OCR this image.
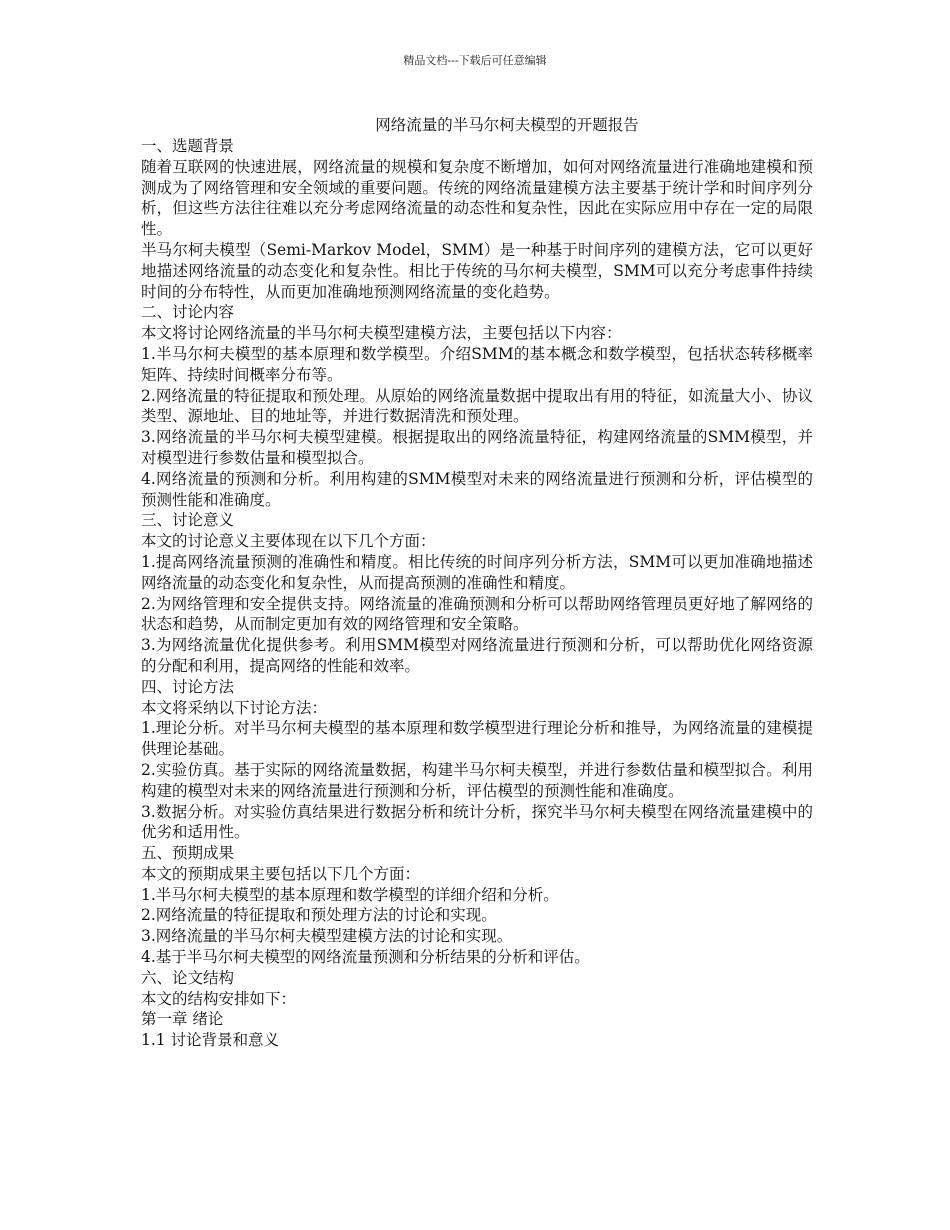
精品文档---下载后可任意编辑
网络流量的半马尔柯夫模型的开题报告

一、选题背景

随着互联网的快速进展，网络流量的规模和复杂度不断增加，如何对网络流量进行准确地建模和预测成为了网络管理和安全领域的重要问题。传统的网络流量建模方法主要基于统计学和时间序列分析，但这些方法往往难以充分考虑网络流量的动态性和复杂性，因此在实际应用中存在一定的局限性。

半马尔柯夫模型（Semi-Markov Model，SMM）是一种基于时间序列的建模方法，它可以更好地描述网络流量的动态变化和复杂性。相比于传统的马尔柯夫模型，SMM可以充分考虑事件持续时间的分布特性，从而更加准确地预测网络流量的变化趋势。

二、讨论内容

本文将讨论网络流量的半马尔柯夫模型建模方法，主要包括以下内容：

1.半马尔柯夫模型的基本原理和数学模型。介绍SMM的基本概念和数学模型，包括状态转移概率矩阵、持续时间概率分布等。

2.网络流量的特征提取和预处理。从原始的网络流量数据中提取出有用的特征，如流量大小、协议类型、源地址、目的地址等，并进行数据清洗和预处理。

3.网络流量的半马尔柯夫模型建模。根据提取出的网络流量特征，构建网络流量的SMM模型，并对模型进行参数估量和模型拟合。

4.网络流量的预测和分析。利用构建的SMM模型对未来的网络流量进行预测和分析，评估模型的预测性能和准确度。

三、讨论意义

本文的讨论意义主要体现在以下几个方面：

1.提高网络流量预测的准确性和精度。相比传统的时间序列分析方法，SMM可以更加准确地描述网络流量的动态变化和复杂性，从而提高预测的准确性和精度。

2.为网络管理和安全提供支持。网络流量的准确预测和分析可以帮助网络管理员更好地了解网络的状态和趋势，从而制定更加有效的网络管理和安全策略。

3.为网络流量优化提供参考。利用SMM模型对网络流量进行预测和分析，可以帮助优化网络资源的分配和利用，提高网络的性能和效率。

四、讨论方法

本文将采纳以下讨论方法：

1.理论分析。对半马尔柯夫模型的基本原理和数学模型进行理论分析和推导，为网络流量的建模提供理论基础。

2.实验仿真。基于实际的网络流量数据，构建半马尔柯夫模型，并进行参数估量和模型拟合。利用构建的模型对未来的网络流量进行预测和分析，评估模型的预测性能和准确度。

3.数据分析。对实验仿真结果进行数据分析和统计分析，探究半马尔柯夫模型在网络流量建模中的优劣和适用性。

五、预期成果

本文的预期成果主要包括以下几个方面：

1.半马尔柯夫模型的基本原理和数学模型的详细介绍和分析。

2.网络流量的特征提取和预处理方法的讨论和实现。

3.网络流量的半马尔柯夫模型建模方法的讨论和实现。

4.基于半马尔柯夫模型的网络流量预测和分析结果的分析和评估。

六、论文结构

本文的结构安排如下：

第一章 绪论

1.1 讨论背景和意义
